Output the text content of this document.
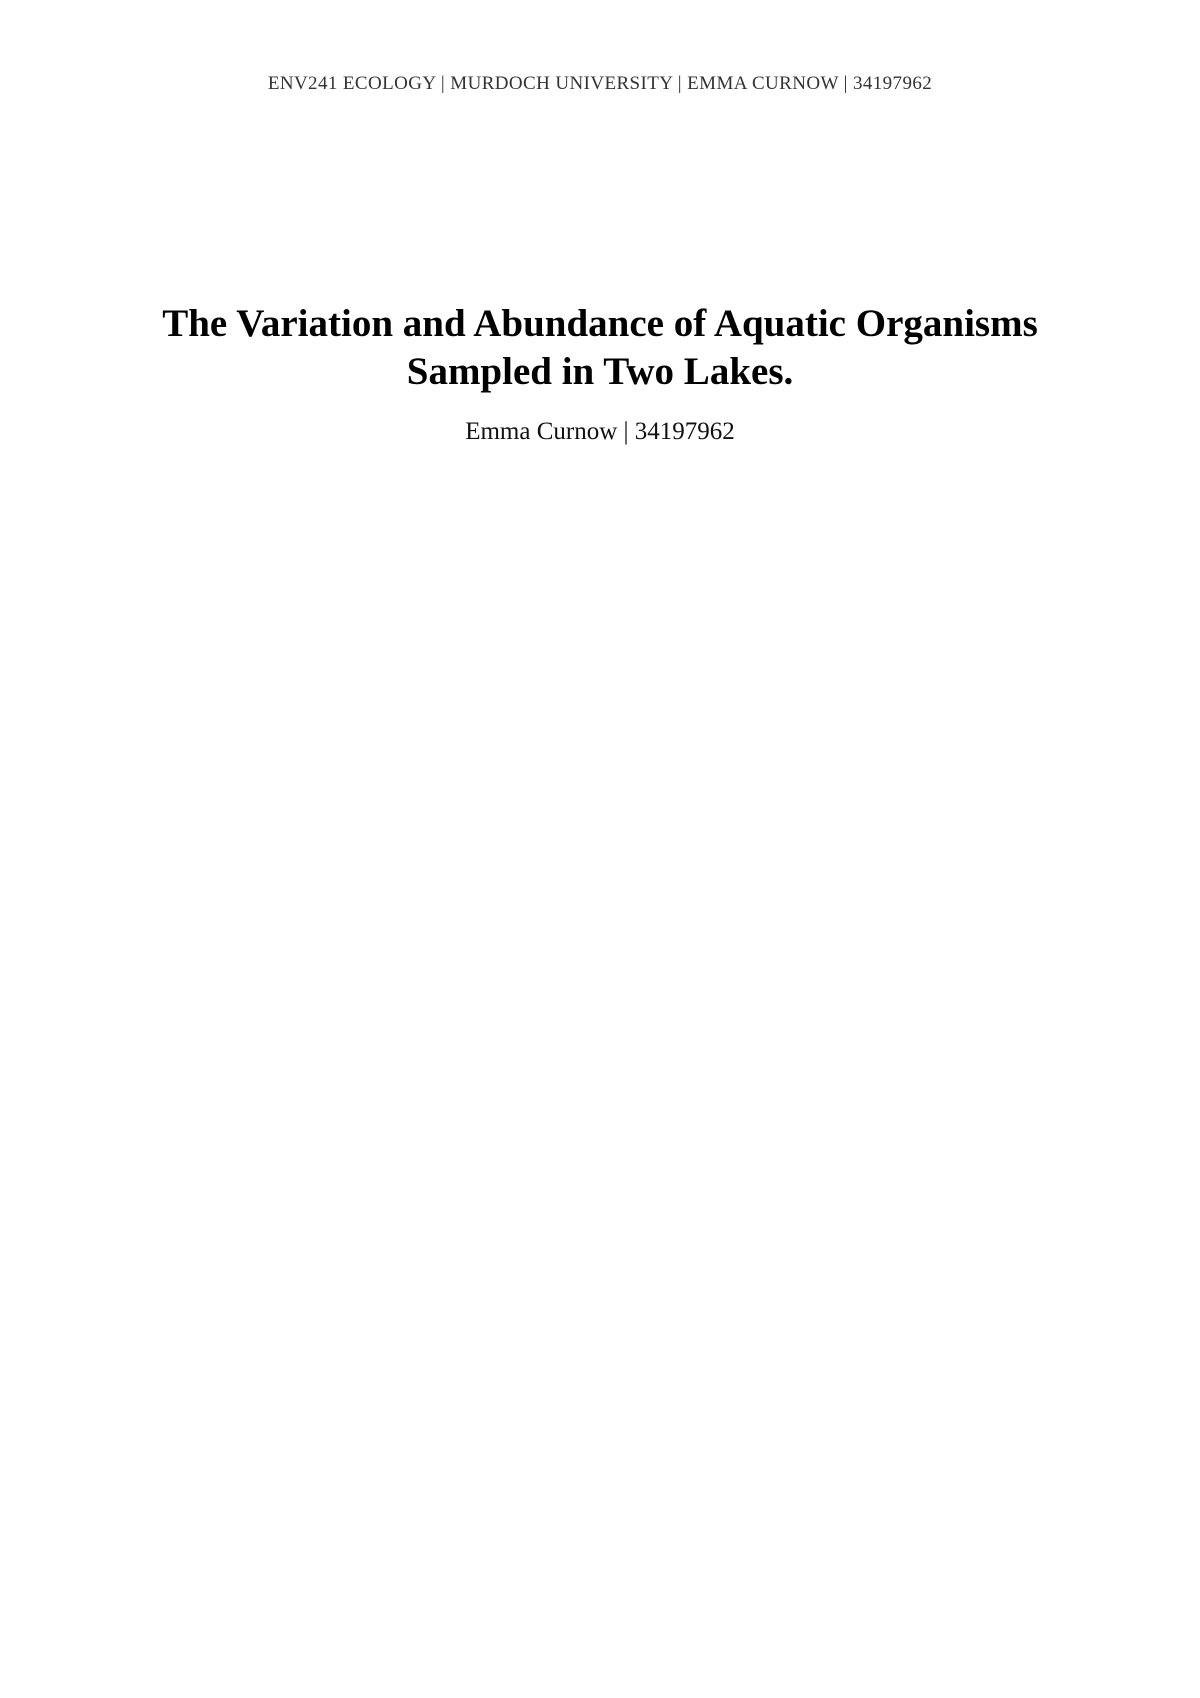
ENV241 ECOLOGY | MURDOCH UNIVERSITY | EMMA CURNOW | 34197962
The Variation and Abundance of Aquatic Organisms
Sampled in Two Lakes.
Emma Curnow | 34197962
